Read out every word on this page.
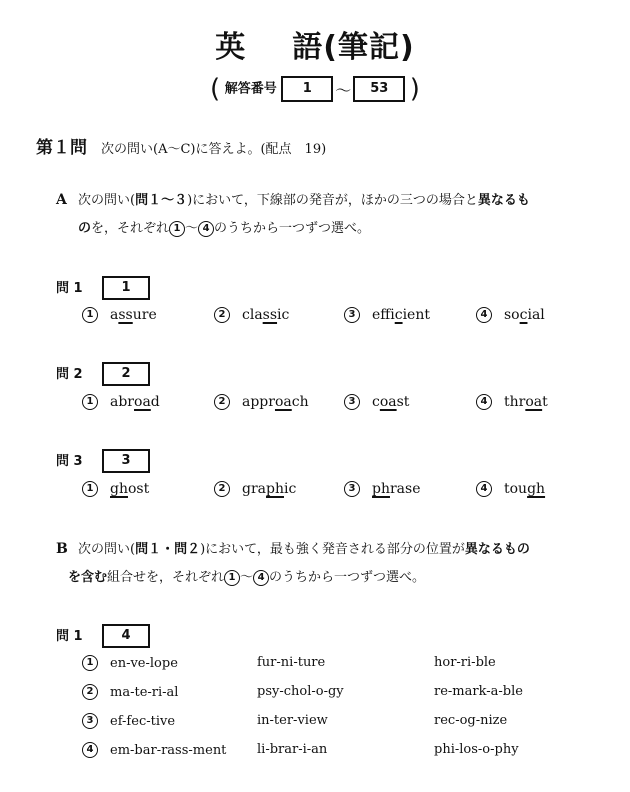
英 語(筆記)
( 解答番号 1 ～ 53 )
第１問 次の問い(A～C)に答えよ。(配点　19)
A 次の問い(問１～３)において，下線部の発音が，ほかの三つの場合と異なるも
のを，それぞれ 1 ～ 4 のうちから一つずつ選べ。
問 1	1
1 assure	2 classic	3 efficient	4 social
問 2	2
1 abroad	2 approach	3 coast	4 throat
問 3	3
1 ghost	2 graphic	3 phrase	4 tough
B 次の問い(問１・問２)において，最も強く発音される部分の位置が異なるもの
を含む組合せを，それぞれ 1 ～ 4 のうちから一つずつ選べ。
問 1	4
1 en-ve-lope	fur-ni-ture	hor-ri-ble
2 ma-te-ri-al	psy-chol-o-gy	re-mark-a-ble
3 ef-fec-tive	in-ter-view	rec-og-nize
4 em-bar-rass-ment li-brar-i-an	phi-los-o-phy
